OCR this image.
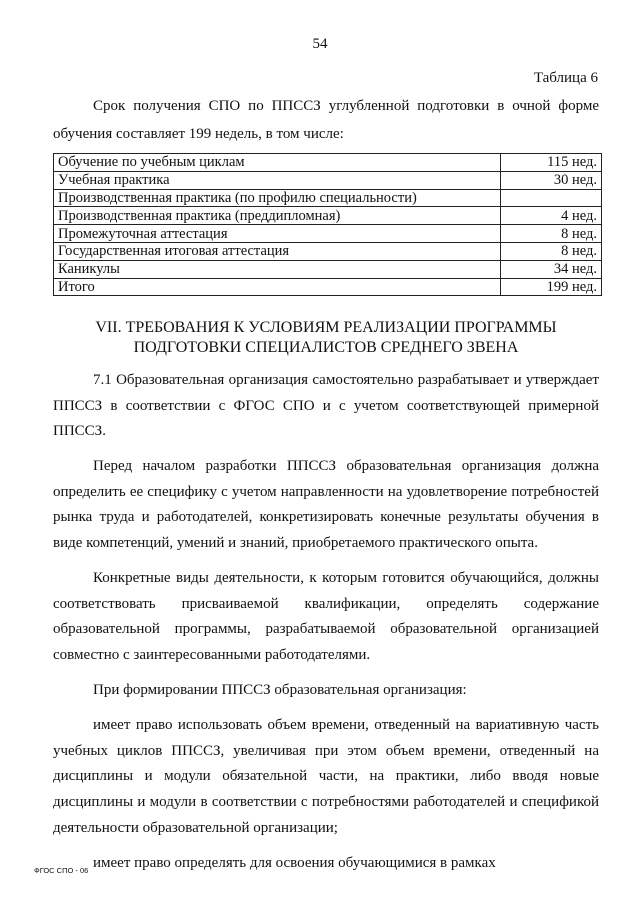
54
Таблица 6

Срок получения СПО по ППССЗ углубленной подготовки в очной форме обучения составляет 199 недель, в том числе:

Обучение по учебным циклам	115 нед.
Учебная практика	30 нед.
Производственная практика (по профилю специальности)	
Производственная практика (преддипломная)	4 нед.
Промежуточная аттестация	8 нед.
Государственная итоговая аттестация	8 нед.
Каникулы	34 нед.
Итого	199 нед.
VII. ТРЕБОВАНИЯ К УСЛОВИЯМ РЕАЛИЗАЦИИ ПРОГРАММЫ ПОДГОТОВКИ СПЕЦИАЛИСТОВ СРЕДНЕГО ЗВЕНА

7.1 Образовательная организация самостоятельно разрабатывает и утверждает ППССЗ в соответствии с ФГОС СПО и с учетом соответствующей примерной ППССЗ.

Перед началом разработки ППССЗ образовательная организация должна определить ее специфику с учетом направленности на удовлетворение потребностей рынка труда и работодателей, конкретизировать конечные результаты обучения в виде компетенций, умений и знаний, приобретаемого практического опыта.

Конкретные виды деятельности, к которым готовится обучающийся, должны соответствовать присваиваемой квалификации, определять содержание образовательной программы, разрабатываемой образовательной организацией совместно с заинтересованными работодателями.

При формировании ППССЗ образовательная организация:

имеет право использовать объем времени, отведенный на вариативную часть учебных циклов ППССЗ, увеличивая при этом объем времени, отведенный на дисциплины и модули обязательной части, на практики, либо вводя новые дисциплины и модули в соответствии с потребностями работодателей и спецификой деятельности образовательной организации;

имеет право определять для освоения обучающимися в рамках

ФГОС СПО - 06
